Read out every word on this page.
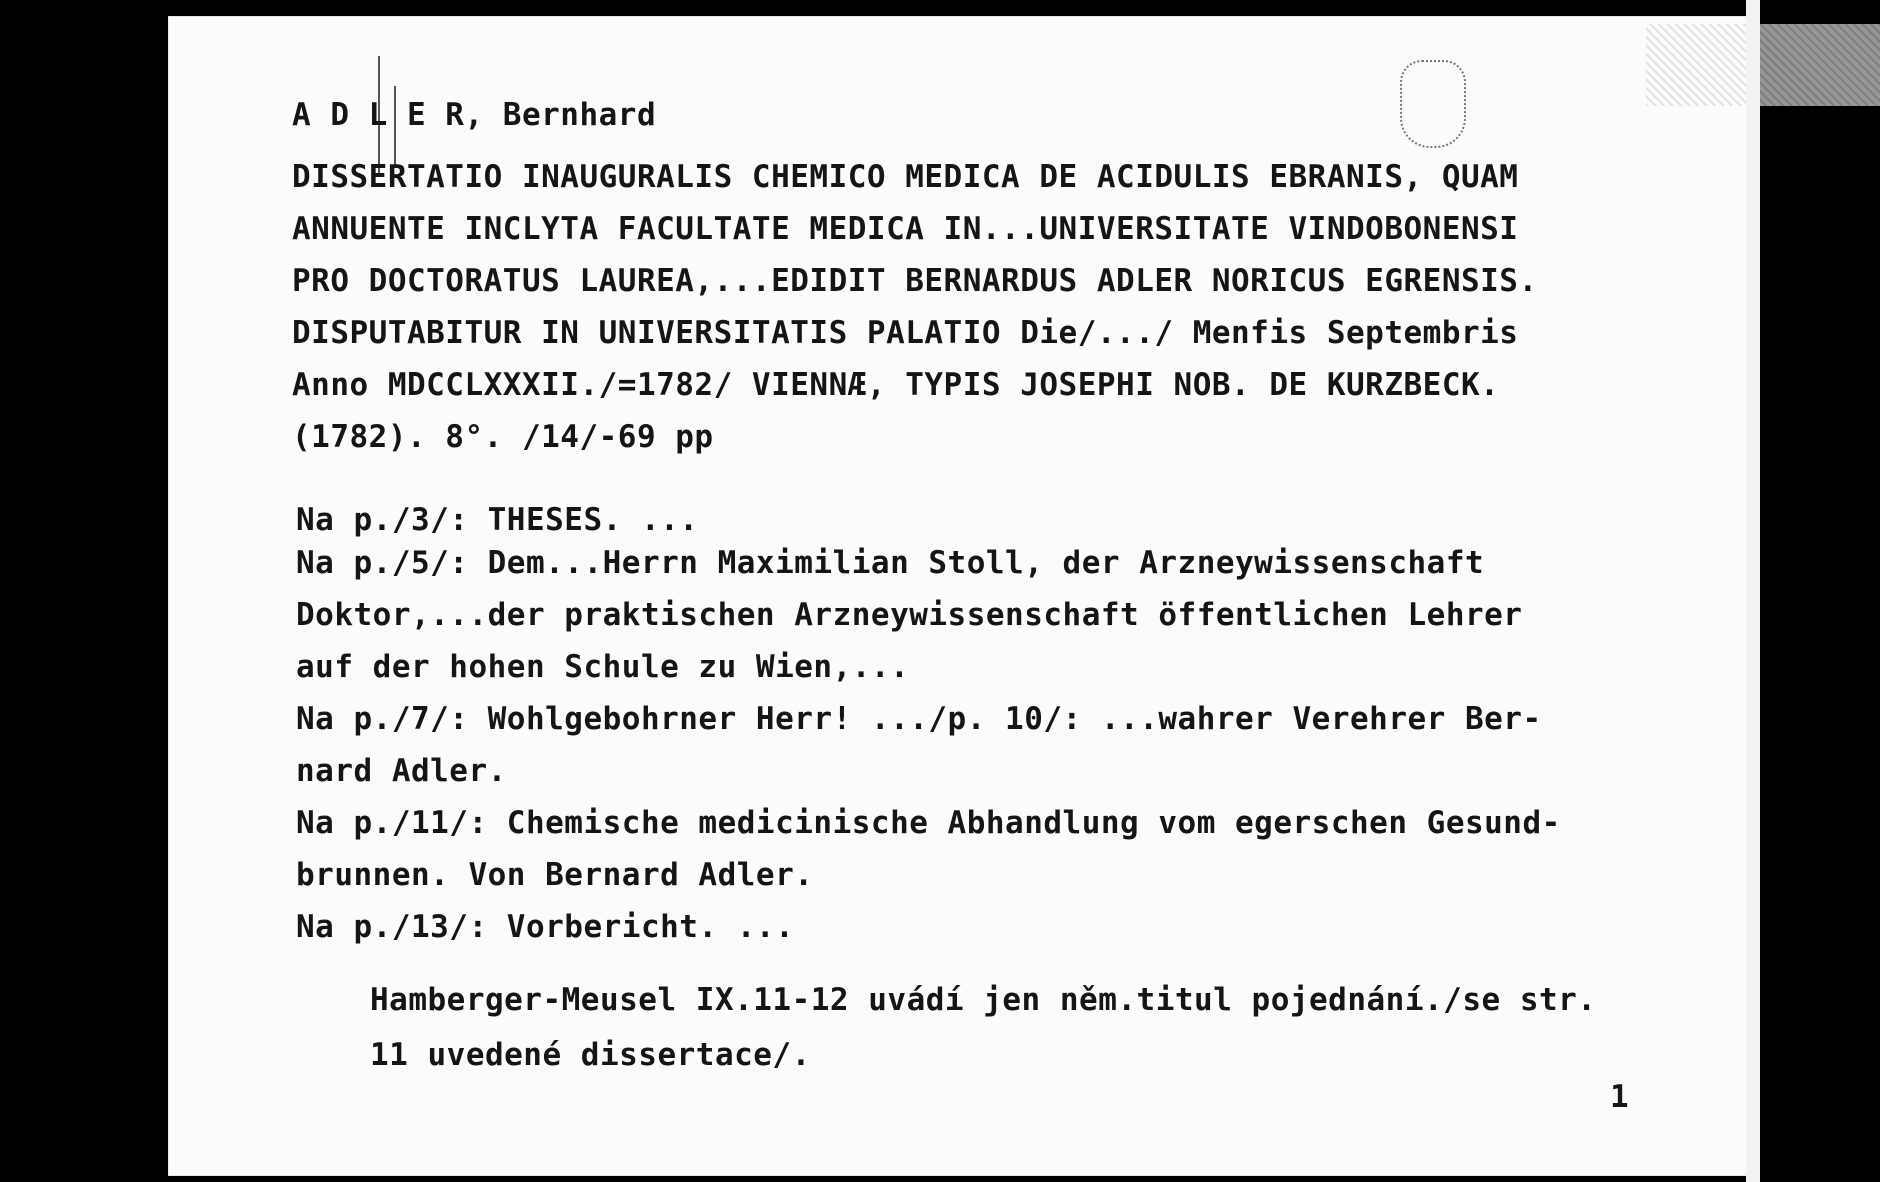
A D L E R, Bernhard
DISSERTATIO INAUGURALIS CHEMICO MEDICA DE ACIDULIS EBRANIS, QUAM
ANNUENTE INCLYTA FACULTATE MEDICA IN...UNIVERSITATE VINDOBONENSI
PRO DOCTORATUS LAUREA,...EDIDIT BERNARDUS ADLER NORICUS EGRENSIS.
DISPUTABITUR IN UNIVERSITATIS PALATIO Die/.../ Menfis Septembris
Anno MDCCLXXXII./=1782/ VIENNÆ, TYPIS JOSEPHI NOB. DE KURZBECK.
(1782). 8°. /14/-69 pp
Na p./3/: THESES. ...
Na p./5/: Dem...Herrn Maximilian Stoll, der Arzneywissenschaft
Doktor,...der praktischen Arzneywissenschaft öffentlichen Lehrer
auf der hohen Schule zu Wien,...
Na p./7/: Wohlgebohrner Herr! .../p. 10/: ...wahrer Verehrer Ber-
nard Adler.
Na p./11/: Chemische medicinische Abhandlung vom egerschen Gesund-
brunnen. Von Bernard Adler.
Na p./13/: Vorbericht. ...
Hamberger-Meusel IX.11-12 uvádí jen něm.titul pojednání./se str.
11 uvedené dissertace/.
1
